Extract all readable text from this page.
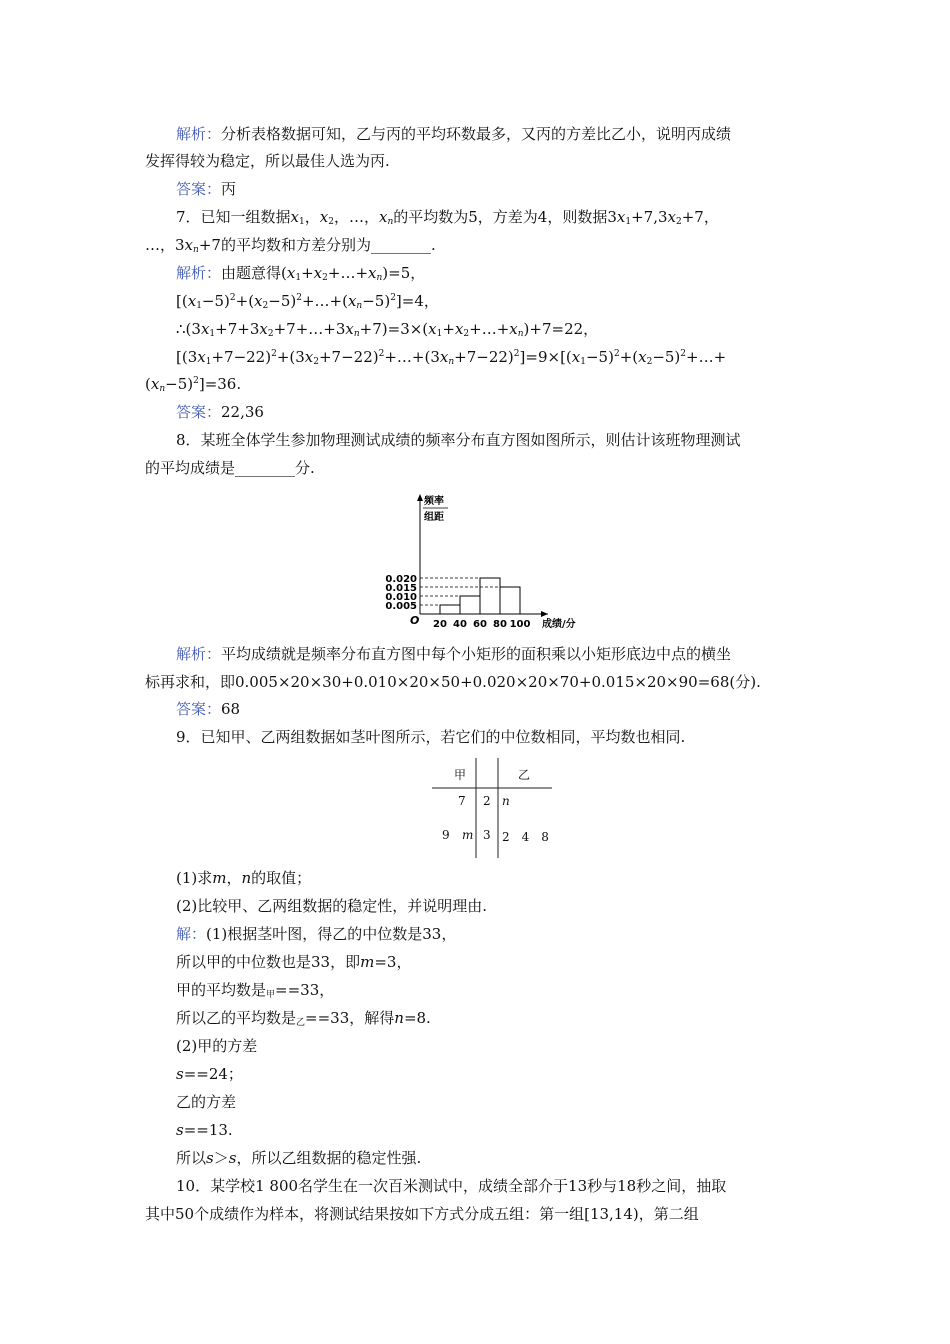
解析：分析表格数据可知，乙与丙的平均环数最多，又丙的方差比乙小，说明丙成绩
发挥得较为稳定，所以最佳人选为丙.
答案：丙
7．已知一组数据$x_1$，$x_2$，…，$x_n$的平均数为5，方差为4，则数据$3x_1+7,3x_2+7$，
…，$3x_n+7$的平均数和方差分别为________.
解析：由题意得$(x_1+x_2+\dots+x_n)=5$，
$[(x_1-5)^2+(x_2-5)^2+\dots+(x_n-5)^2]=4$，
$\therefore(3x_1+7+3x_2+7+\dots+3x_n+7)=3\times(x_1+x_2+\dots+x_n)+7=22$，
$[(3x_1+7-22)^2+(3x_2+7-22)^2+\dots+(3x_n+7-22)^2]=9\times[(x_1-5)^2+(x_2-5)^2+\dots+$
$(x_n-5)^2]=36$.
答案：22,36
8．某班全体学生参加物理测试成绩的频率分布直方图如图所示，则估计该班物理测试
的平均成绩是________分.
0.020
0.015
0.010
0.005
20 40 60 80 100
O
频率
组距
成绩/分
解析：平均成绩就是频率分布直方图中每个小矩形的面积乘以小矩形底边中点的横坐
标再求和，即0.005×20×30+0.010×20×50+0.020×20×70+0.015×20×90=68(分).
答案：68
9．已知甲、乙两组数据如茎叶图所示，若它们的中位数相同，平均数也相同.
甲	乙
7 2 n
9 m 3 2　4　8
(1)求m，n的取值；
(2)比较甲、乙两组数据的稳定性，并说明理由.
解：(1)根据茎叶图，得乙的中位数是33，
所以甲的中位数也是33，即m=3，
甲的平均数是$_甲$==33，
所以乙的平均数是$_乙$==33，解得n=8.
(2)甲的方差
s==24；
乙的方差
s==13.
所以s＞s，所以乙组数据的稳定性强.
10．某学校1 800名学生在一次百米测试中，成绩全部介于13秒与18秒之间，抽取
其中50个成绩作为样本，将测试结果按如下方式分成五组：第一组[13,14)，第二组
